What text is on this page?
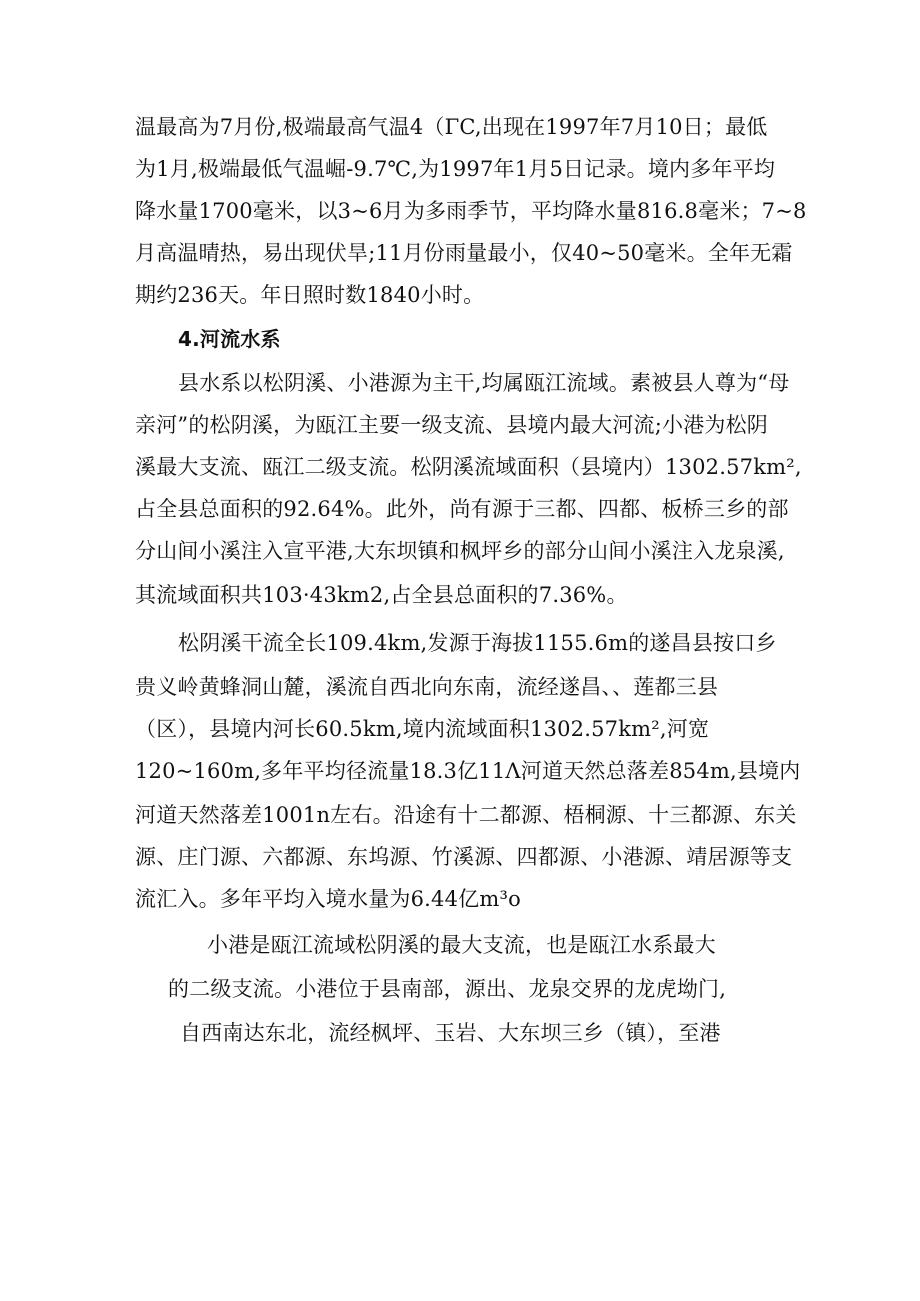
温最高为7月份,极端最高气温4（ΓC,出现在1997年7月10日；最低
为1月,极端最低气温崛-9.7℃,为1997年1月5日记录。境内多年平均
降水量1700毫米，以3~6月为多雨季节，平均降水量816.8毫米；7~8
月高温晴热，易出现伏旱;11月份雨量最小，仅40~50毫米。全年无霜
期约236天。年日照时数1840小时。
4.河流水系
县水系以松阴溪、小港源为主干,均属瓯江流域。素被县人尊为“母
亲河”的松阴溪，为瓯江主要一级支流、县境内最大河流;小港为松阴
溪最大支流、瓯江二级支流。松阴溪流域面积（县境内）1302.57km²,
占全县总面积的92.64%。此外，尚有源于三都、四都、板桥三乡的部
分山间小溪注入宣平港,大东坝镇和枫坪乡的部分山间小溪注入龙泉溪,
其流域面积共103·43km2,占全县总面积的7.36%。
松阴溪干流全长109.4km,发源于海拔1155.6m的遂昌县按口乡
贵义岭黄蜂洞山麓，溪流自西北向东南，流经遂昌、、莲都三县
（区），县境内河长60.5km,境内流域面积1302.57km²,河宽
120~160m,多年平均径流量18.3亿11Λ河道天然总落差854m,县境内
河道天然落差1001n左右。沿途有十二都源、梧桐源、十三都源、东关
源、庄门源、六都源、东坞源、竹溪源、四都源、小港源、靖居源等支
流汇入。多年平均入境水量为6.44亿m³o
小港是瓯江流域松阴溪的最大支流，也是瓯江水系最大
的二级支流。小港位于县南部，源出、龙泉交界的龙虎坳门,
自西南达东北，流经枫坪、玉岩、大东坝三乡（镇），至港
